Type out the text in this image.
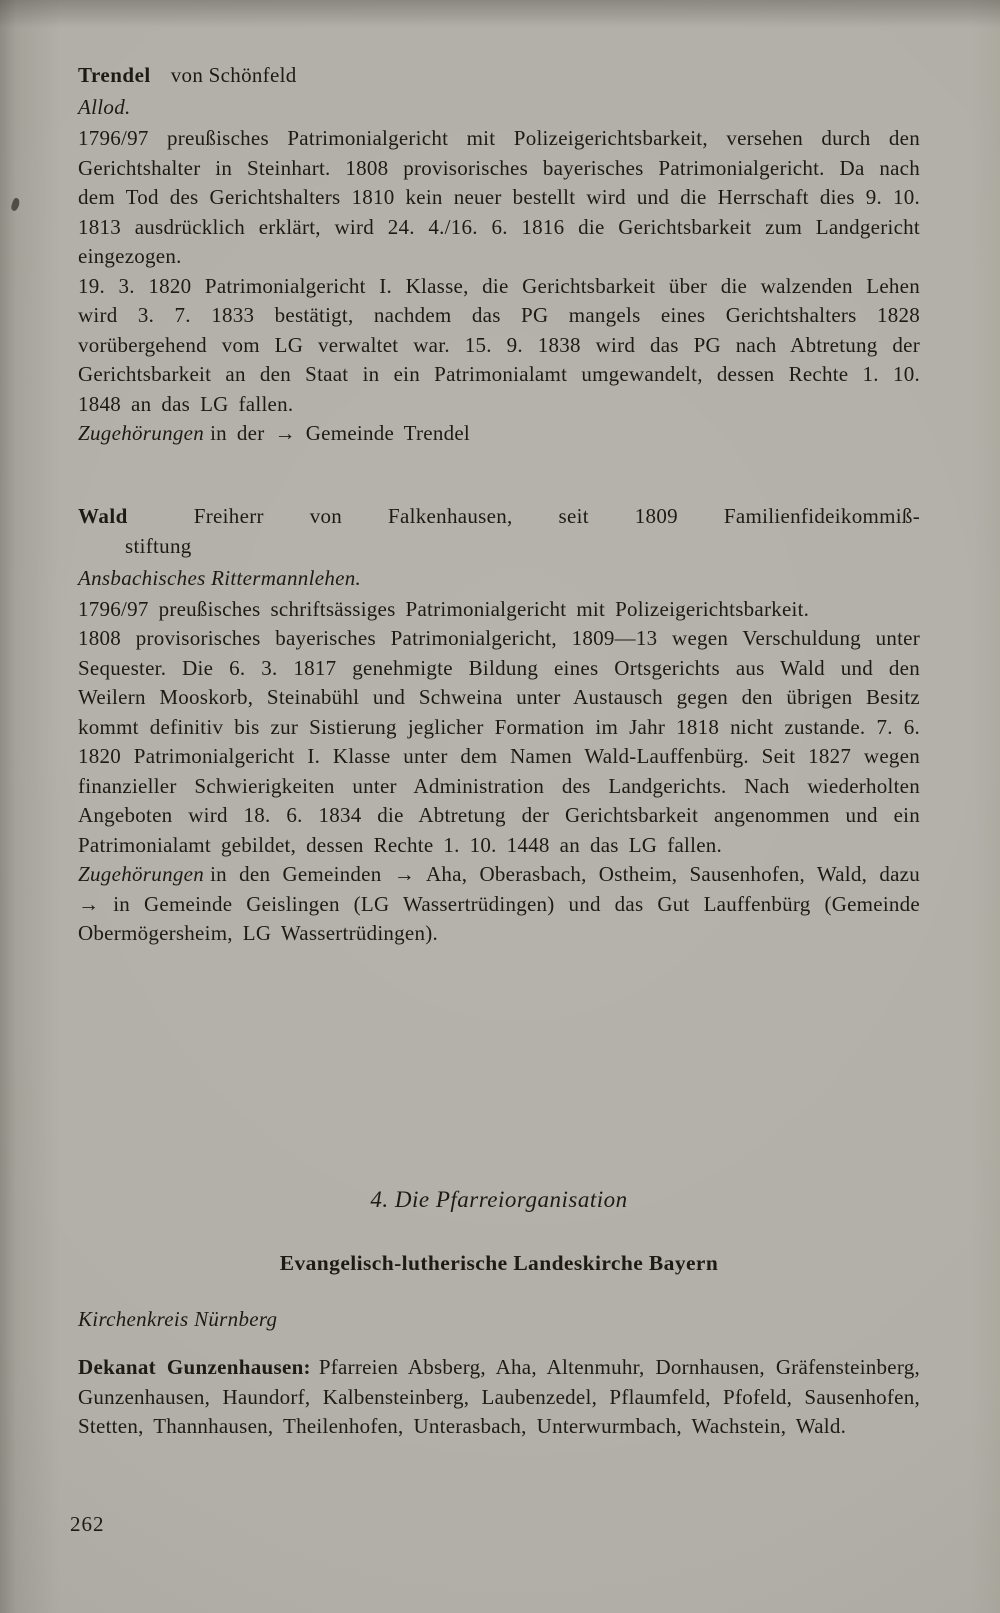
Trendel von Schönfeld

Allod.

1796/97 preußisches Patrimonialgericht mit Polizeigerichtsbarkeit, versehen durch den Gerichtshalter in Steinhart. 1808 provisorisches bayerisches Patrimonialgericht. Da nach dem Tod des Gerichtshalters 1810 kein neuer bestellt wird und die Herrschaft dies 9. 10. 1813 ausdrücklich erklärt, wird 24. 4./16. 6. 1816 die Gerichtsbarkeit zum Landgericht eingezogen.

19. 3. 1820 Patrimonialgericht I. Klasse, die Gerichtsbarkeit über die walzenden Lehen wird 3. 7. 1833 bestätigt, nachdem das PG mangels eines Gerichtshalters 1828 vorübergehend vom LG verwaltet war. 15. 9. 1838 wird das PG nach Abtretung der Gerichtsbarkeit an den Staat in ein Patrimonialamt umgewandelt, dessen Rechte 1. 10. 1848 an das LG fallen.

Zugehörungen in der → Gemeinde Trendel

Wald	Freiherr von Falkenhausen, seit 1809 Familienfideikommiß-
stiftung

Ansbachisches Rittermannlehen.

1796/97 preußisches schriftsässiges Patrimonialgericht mit Polizeigerichtsbarkeit.

1808 provisorisches bayerisches Patrimonialgericht, 1809—13 wegen Verschuldung unter Sequester. Die 6. 3. 1817 genehmigte Bildung eines Ortsgerichts aus Wald und den Weilern Mooskorb, Steinabühl und Schweina unter Austausch gegen den übrigen Besitz kommt definitiv bis zur Sistierung jeglicher Formation im Jahr 1818 nicht zustande. 7. 6. 1820 Patrimonialgericht I. Klasse unter dem Namen Wald-Lauffenbürg. Seit 1827 wegen finanzieller Schwierigkeiten unter Administration des Landgerichts. Nach wiederholten Angeboten wird 18. 6. 1834 die Abtretung der Gerichtsbarkeit angenommen und ein Patrimonialamt gebildet, dessen Rechte 1. 10. 1448 an das LG fallen.

Zugehörungen in den Gemeinden → Aha, Oberasbach, Ostheim, Sausenhofen, Wald, dazu → in Gemeinde Geislingen (LG Wassertrüdingen) und das Gut Lauffenbürg (Gemeinde Obermögersheim, LG Wassertrüdingen).

4. Die Pfarreiorganisation
Evangelisch-lutherische Landeskirche Bayern

Kirchenkreis Nürnberg

Dekanat Gunzenhausen: Pfarreien Absberg, Aha, Altenmuhr, Dornhausen, Gräfensteinberg, Gunzenhausen, Haundorf, Kalbensteinberg, Laubenzedel, Pflaumfeld, Pfofeld, Sausenhofen, Stetten, Thannhausen, Theilenhofen, Unterasbach, Unterwurmbach, Wachstein, Wald.

262
